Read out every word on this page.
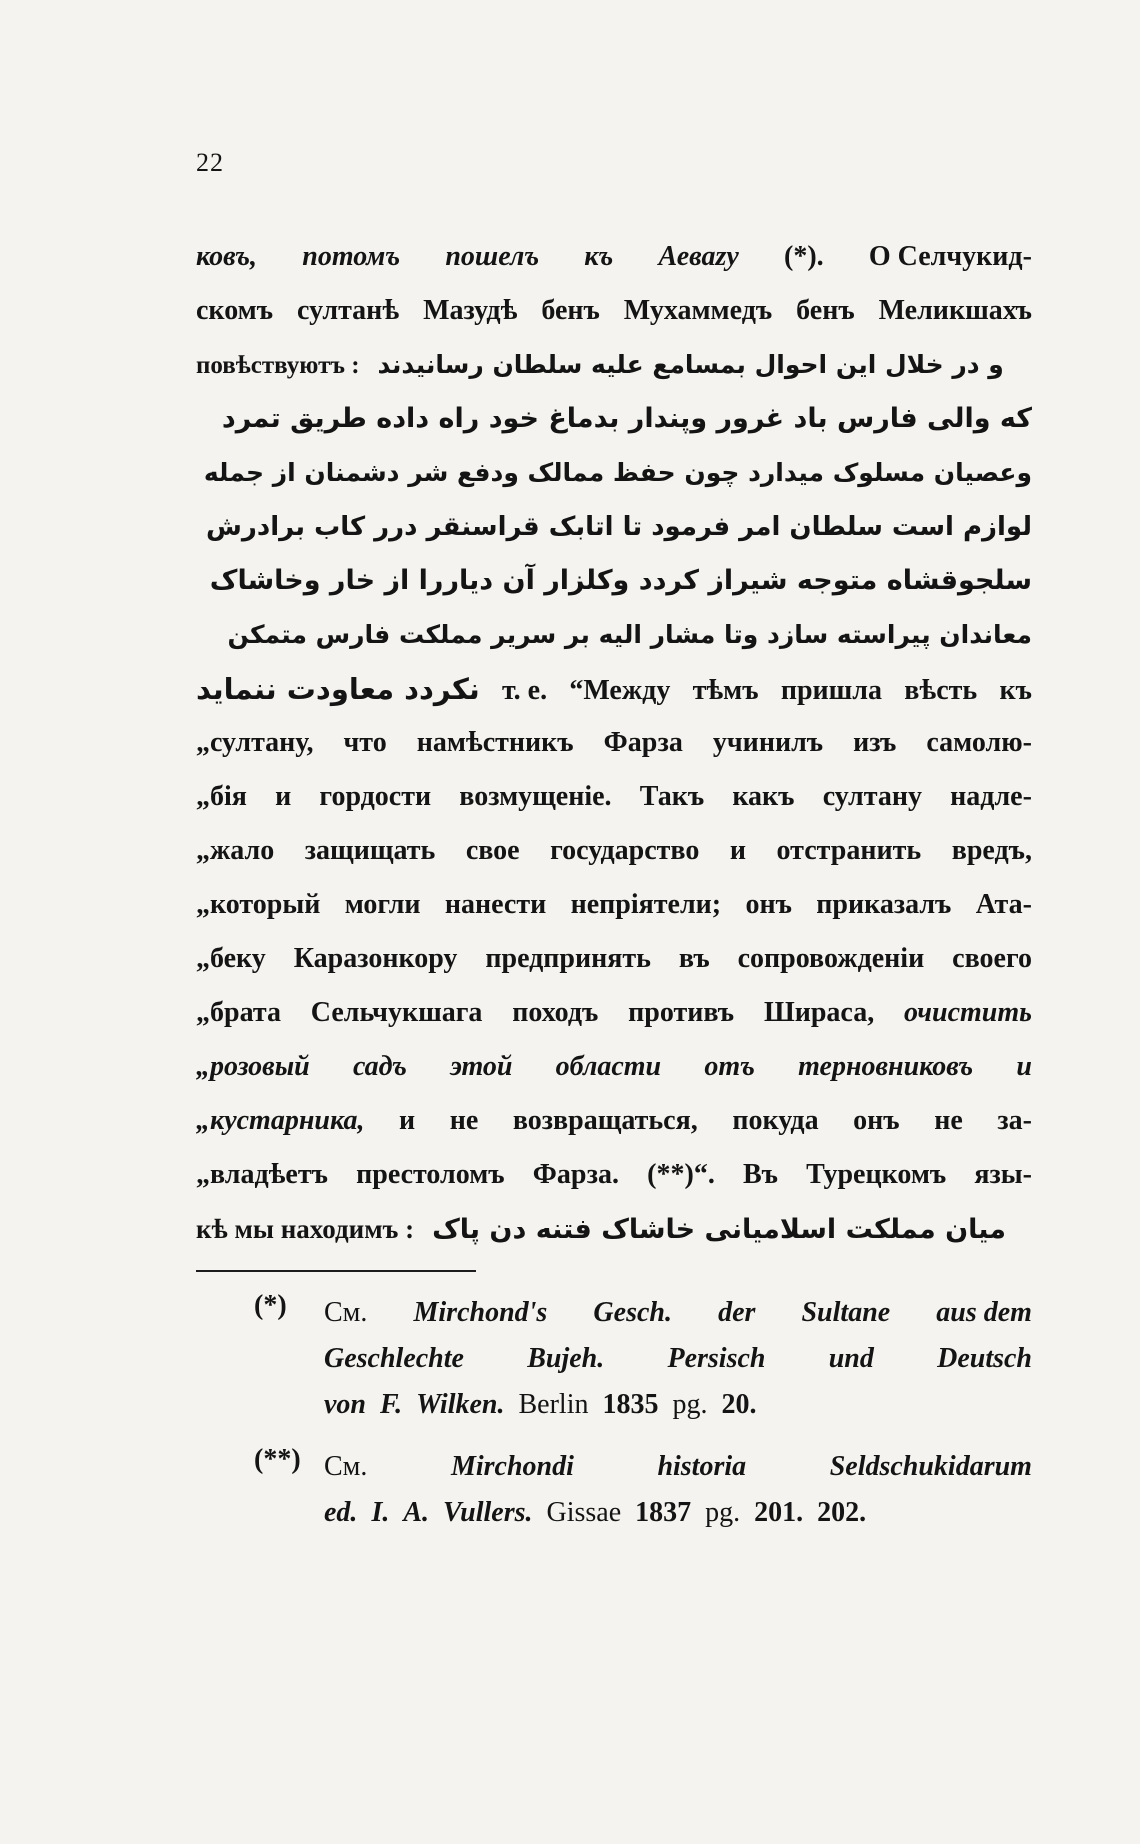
22
ковъ, потомъ пошелъ къ Аеваzу (*). О Селчукид-
скомъ султанѣ Мазудѣ бенъ Мухаммедъ бенъ Меликшахъ
повѣствуютъ : و در خلال این احوال بمسامع علیه سلطان رسانیدند
که والی فارس باد غرور وپندار بدماغ خود راه داده طریق تمرد
وعصیان مسلوک میدارد چون حفظ ممالک ودفع شر دشمنان از جمله
لوازم است سلطان امر فرمود تا اتابک قراسنقر درر کاب برادرش
سلجوقشاه متوجه شیراز کردد وکلزار آن دیاررا از خار وخاشاک
معاندان پیراسته سازد وتا مشار الیه بر سریر مملکت فارس متمکن
نکردد معاودت ننماید т. е. “Между тѣмъ пришла вѣсть къ
„султану, что намѣстникъ Фарза учинилъ изъ самолю-
„бія и гордости возмущеніе. Такъ какъ султану надле-
„жало защищать свое государство и отстранить вредъ,
„который могли нанести непріятели; онъ приказалъ Ата-
„беку Каразонкору предпринять въ сопровожденіи своего
„брата Сельчукшага походъ противъ Шираса, очистить
„розовый садъ этой области отъ терновниковъ и
„кустарника, и не возвращаться, покуда онъ не за-
„владѣетъ престоломъ Фарза. (**)“. Въ Турецкомъ язы-
кѣ мы находимъ : میان مملکت اسلامیانی خاشاک فتنه دن پاک
(*) См. Mirchond's Gesch. der Sultane aus dem
Geschlechte Bujeh. Persisch und Deutsch
von F. Wilken. Berlin 1835 pg. 20.
(**) См.	Mirchondi	historia	Seldschukidarum
ed. I. A. Vullers. Gissae 1837 pg. 201. 202.
